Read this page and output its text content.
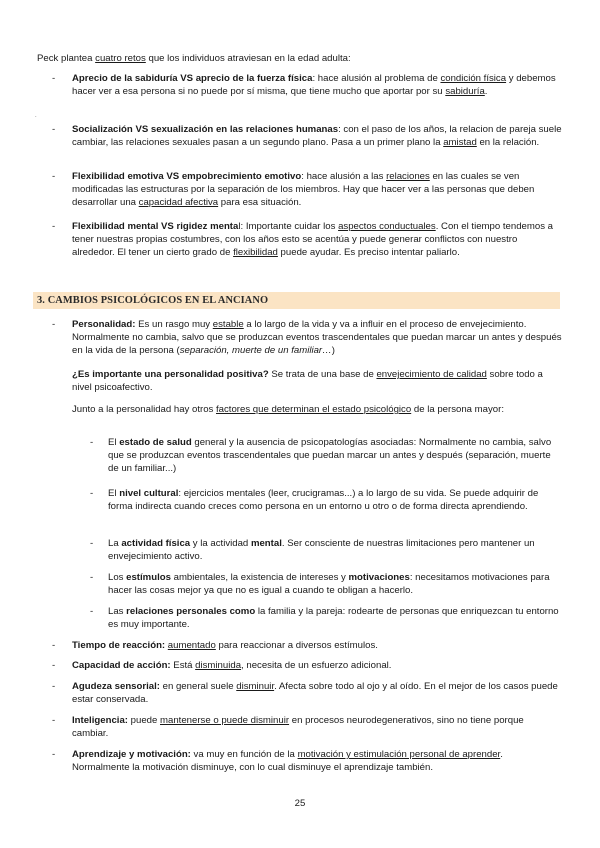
Peck plantea cuatro retos que los individuos atraviesan en la edad adulta:
- Aprecio de la sabiduría VS aprecio de la fuerza física: hace alusión al problema de condición física y debemos hacer ver a esa persona si no puede por sí misma, que tiene mucho que aportar por su sabiduría.
.
- Socialización VS sexualización en las relaciones humanas: con el paso de los años, la relacion de pareja suele cambiar, las relaciones sexuales pasan a un segundo plano. Pasa a un primer plano la amistad en la relación.
- Flexibilidad emotiva VS empobrecimiento emotivo: hace alusión a las relaciones en las cuales se ven modificadas las estructuras por la separación de los miembros. Hay que hacer ver a las personas que deben desarrollar una capacidad afectiva para esa situación.
- Flexibilidad mental VS rigidez mental: Importante cuidar los aspectos conductuales. Con el tiempo tendemos a tener nuestras propias costumbres, con los años esto se acentúa y puede generar conflictos con nuestro alrededor. El tener un cierto grado de flexibilidad puede ayudar. Es preciso intentar paliarlo.
3. CAMBIOS PSICOLÓGICOS EN EL ANCIANO
- Personalidad: Es un rasgo muy estable a lo largo de la vida y va a influir en el proceso de envejecimiento. Normalmente no cambia, salvo que se produzcan eventos trascendentales que puedan marcar un antes y después en la vida de la persona (separación, muerte de un familiar…)
¿Es importante una personalidad positiva? Se trata de una base de envejecimiento de calidad sobre todo a nivel psicoafectivo.
Junto a la personalidad hay otros factores que determinan el estado psicológico de la persona mayor:
- El estado de salud general y la ausencia de psicopatologías asociadas: Normalmente no cambia, salvo que se produzcan eventos trascendentales que puedan marcar un antes y después (separación, muerte de un familiar...)
- El nivel cultural: ejercicios mentales (leer, crucigramas...) a lo largo de su vida. Se puede adquirir de forma indirecta cuando creces como persona en un entorno u otro o de forma directa aprendiendo.
- La actividad física y la actividad mental. Ser consciente de nuestras limitaciones pero mantener un envejecimiento activo.
- Los estímulos ambientales, la existencia de intereses y motivaciones: necesitamos motivaciones para hacer las cosas mejor ya que no es igual a cuando te obligan a hacerlo.
- Las relaciones personales como la familia y la pareja: rodearte de personas que enriquezcan tu entorno es muy importante.
- Tiempo de reacción: aumentado para reaccionar a diversos estímulos.
- Capacidad de acción: Está disminuida, necesita de un esfuerzo adicional.
- Agudeza sensorial: en general suele disminuir. Afecta sobre todo al ojo y al oído. En el mejor de los casos puede estar conservada.
- Inteligencia: puede mantenerse o puede disminuir en procesos neurodegenerativos, sino no tiene porque cambiar.
- Aprendizaje y motivación: va muy en función de la motivación y estimulación personal de aprender. Normalmente la motivación disminuye, con lo cual disminuye el aprendizaje también.
25
